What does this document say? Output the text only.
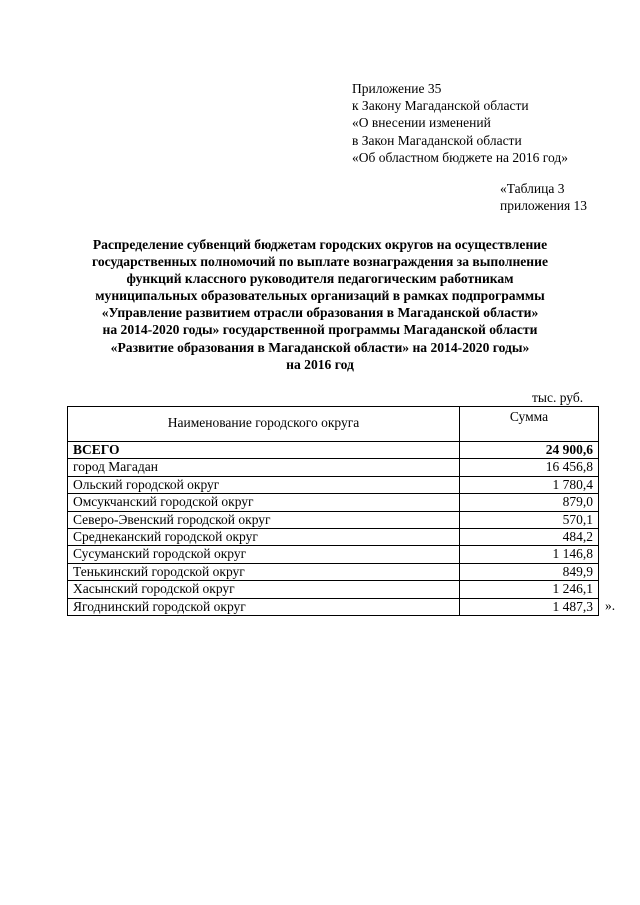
Приложение 35
к Закону Магаданской области
«О внесении изменений
в Закон Магаданской области
«Об областном бюджете на 2016 год»
«Таблица 3
приложения 13
Распределение субвенций бюджетам городских округов на осуществление
государственных полномочий по выплате вознаграждения за выполнение
функций классного руководителя педагогическим работникам
муниципальных образовательных организаций в рамках подпрограммы
«Управление развитием отрасли образования в Магаданской области»
на 2014-2020 годы» государственной программы Магаданской области
«Развитие образования в Магаданской области» на 2014-2020 годы»
на 2016 год
тыс. руб.
Наименование городского округа	Сумма
ВСЕГО	24 900,6
город Магадан	16 456,8
Ольский городской округ	1 780,4
Омсукчанский городской округ	879,0
Северо-Эвенский городской округ	570,1
Среднеканский городской округ	484,2
Сусуманский городской округ	1 146,8
Тенькинский городской округ	849,9
Хасынский городской округ	1 246,1
Ягоднинский городской округ	1 487,3 ».
